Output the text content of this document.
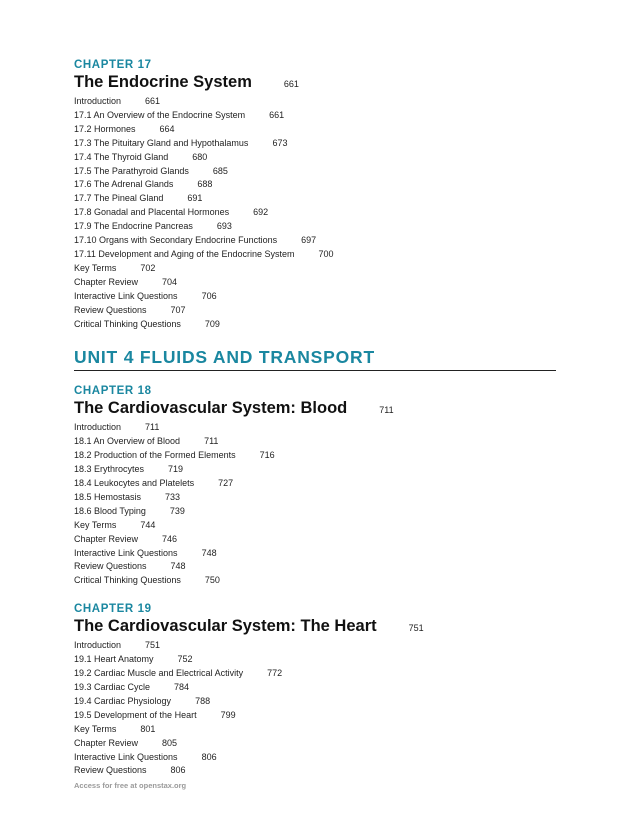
CHAPTER 17
The Endocrine System	661
Introduction	661
17.1 An Overview of the Endocrine System	661
17.2 Hormones	664
17.3 The Pituitary Gland and Hypothalamus	673
17.4 The Thyroid Gland	680
17.5 The Parathyroid Glands	685
17.6 The Adrenal Glands	688
17.7 The Pineal Gland	691
17.8 Gonadal and Placental Hormones	692
17.9 The Endocrine Pancreas	693
17.10 Organs with Secondary Endocrine Functions	697
17.11 Development and Aging of the Endocrine System	700
Key Terms	702
Chapter Review	704
Interactive Link Questions	706
Review Questions	707
Critical Thinking Questions	709
UNIT 4 FLUIDS AND TRANSPORT
CHAPTER 18
The Cardiovascular System: Blood	711
Introduction	711
18.1 An Overview of Blood	711
18.2 Production of the Formed Elements	716
18.3 Erythrocytes	719
18.4 Leukocytes and Platelets	727
18.5 Hemostasis	733
18.6 Blood Typing	739
Key Terms	744
Chapter Review	746
Interactive Link Questions	748
Review Questions	748
Critical Thinking Questions	750
CHAPTER 19
The Cardiovascular System: The Heart	751
Introduction	751
19.1 Heart Anatomy	752
19.2 Cardiac Muscle and Electrical Activity	772
19.3 Cardiac Cycle	784
19.4 Cardiac Physiology	788
19.5 Development of the Heart	799
Key Terms	801
Chapter Review	805
Interactive Link Questions	806
Review Questions	806
Access for free at openstax.org
